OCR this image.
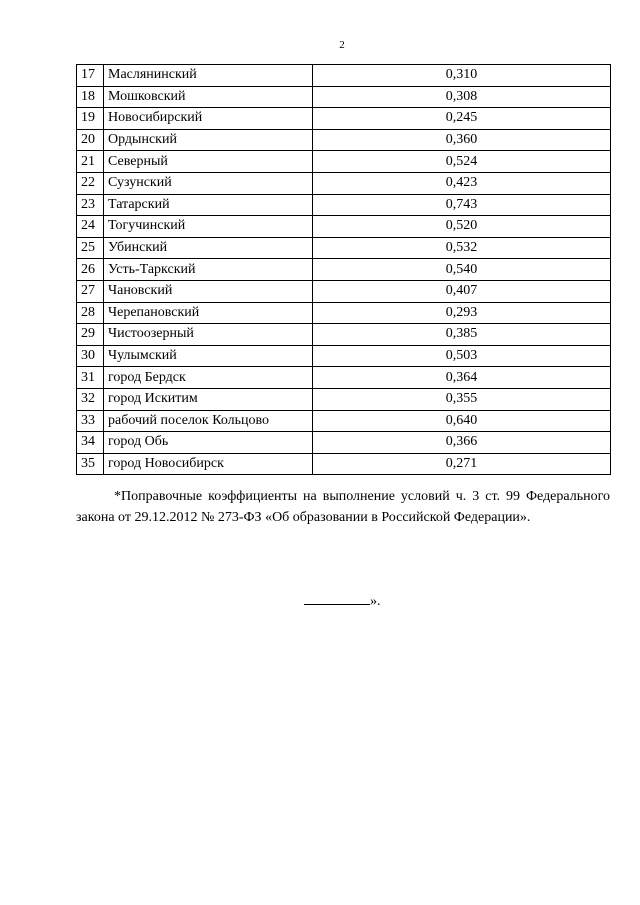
2
17	Маслянинский	0,310
18	Мошковский	0,308
19	Новосибирский	0,245
20	Ордынский	0,360
21	Северный	0,524
22	Сузунский	0,423
23	Татарский	0,743
24	Тогучинский	0,520
25	Убинский	0,532
26	Усть-Таркский	0,540
27	Чановский	0,407
28	Черепановский	0,293
29	Чистоозерный	0,385
30	Чулымский	0,503
31	город Бердск	0,364
32	город Искитим	0,355
33	рабочий поселок Кольцово	0,640
34	город Обь	0,366
35	город Новосибирск	0,271
*Поправочные коэффициенты на выполнение условий ч. 3 ст. 99 Федерального закона от 29.12.2012 № 273-ФЗ «Об образовании в Российской Федерации».
».
